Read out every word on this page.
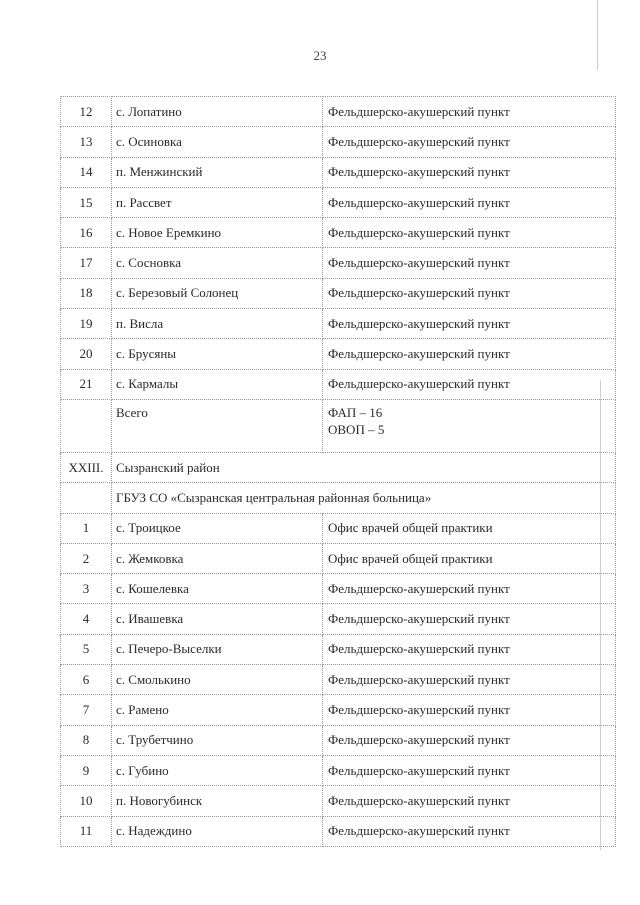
23
12	с. Лопатино	Фельдшерско-акушерский пункт
13	с. Осиновка	Фельдшерско-акушерский пункт
14	п. Менжинский	Фельдшерско-акушерский пункт
15	п. Рассвет	Фельдшерско-акушерский пункт
16	с. Новое Еремкино	Фельдшерско-акушерский пункт
17	с. Сосновка	Фельдшерско-акушерский пункт
18	с. Березовый Солонец	Фельдшерско-акушерский пункт
19	п. Висла	Фельдшерско-акушерский пункт
20	с. Брусяны	Фельдшерско-акушерский пункт
21	с. Кармалы	Фельдшерско-акушерский пункт
	Всего	ФАП – 16
ОВОП – 5

XXIII.	Сызранский район	
	ГБУЗ СО «Сызранская центральная районная больница»	
1	с. Троицкое	Офис врачей общей практики
2	с. Жемковка	Офис врачей общей практики
3	с. Кошелевка	Фельдшерско-акушерский пункт
4	с. Ивашевка	Фельдшерско-акушерский пункт
5	с. Печеро-Выселки	Фельдшерско-акушерский пункт
6	с. Смолькино	Фельдшерско-акушерский пункт
7	с. Рамено	Фельдшерско-акушерский пункт
8	с. Трубетчино	Фельдшерско-акушерский пункт
9	с. Губино	Фельдшерско-акушерский пункт
10	п. Новогубинск	Фельдшерско-акушерский пункт
11	с. Надеждино	Фельдшерско-акушерский пункт
